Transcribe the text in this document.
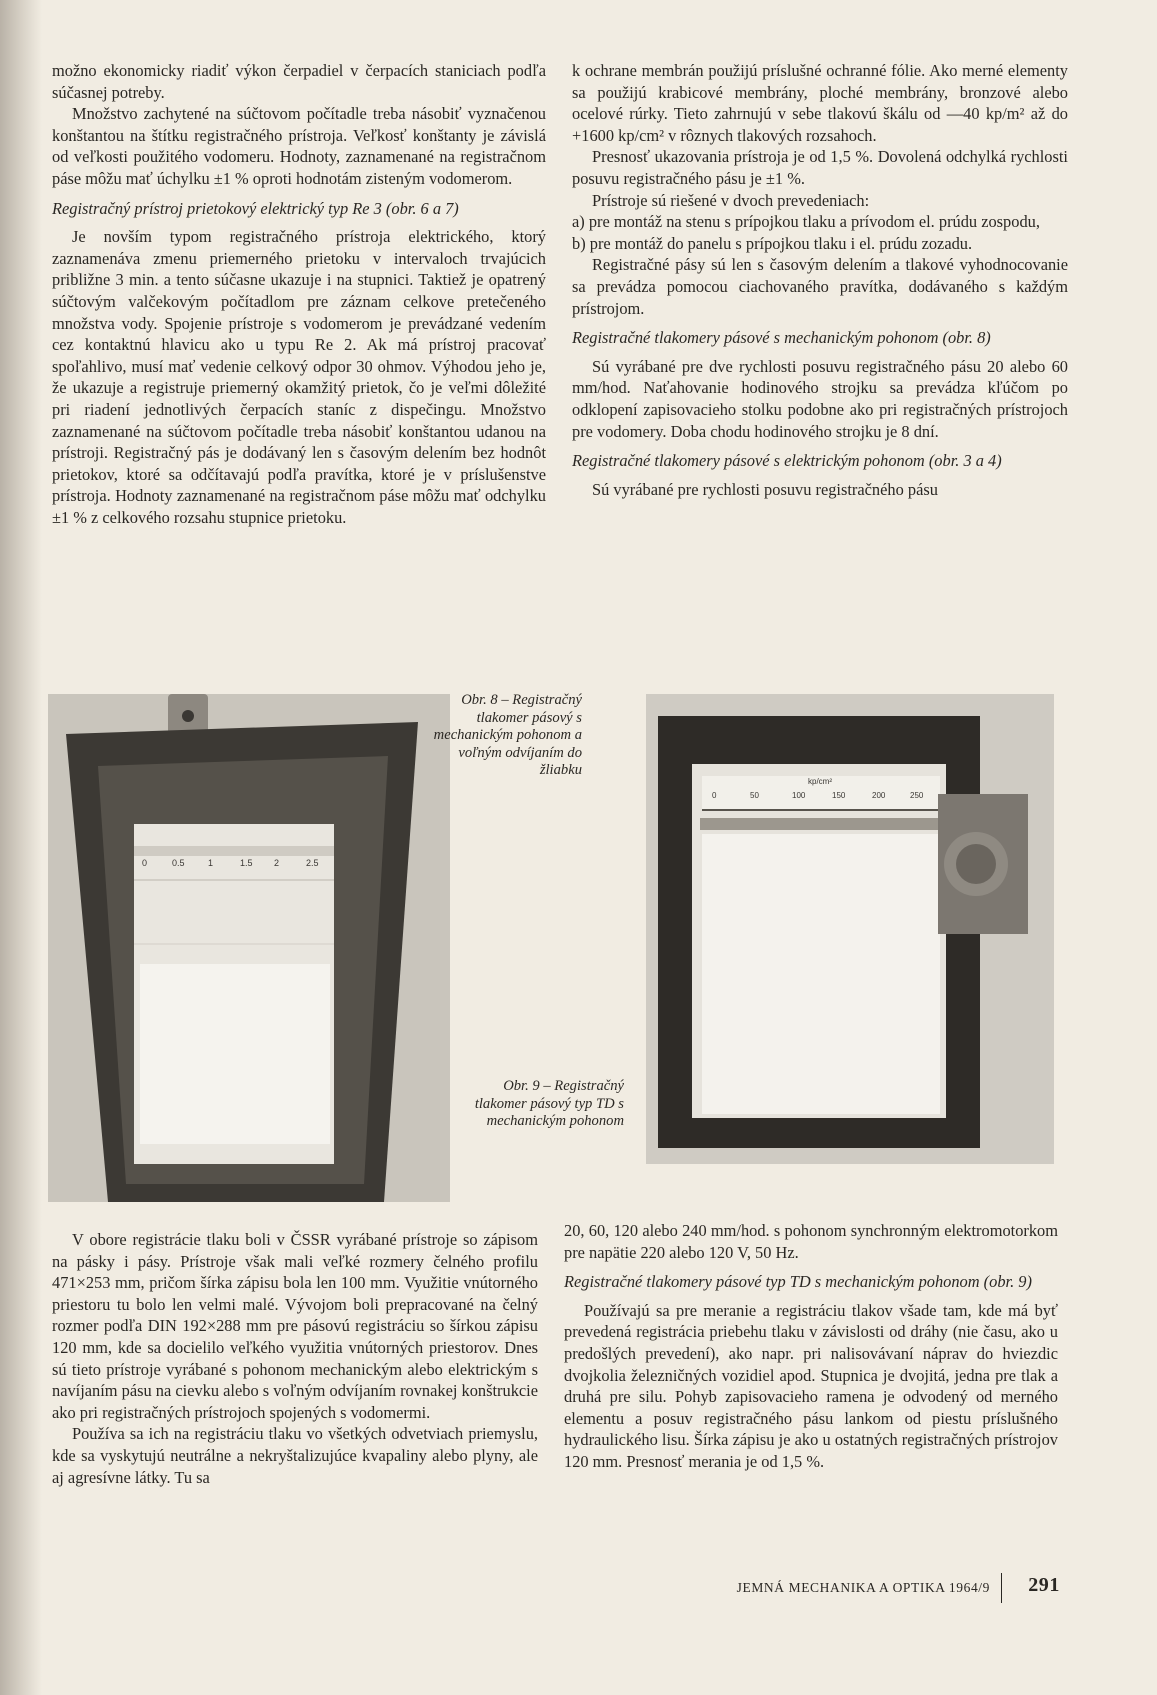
možno ekonomicky riadiť výkon čerpadiel v čerpacích staniciach podľa súčasnej potreby.

Množstvo zachytené na súčtovom počítadle treba násobiť vyznačenou konštantou na štítku registračného prístroja. Veľkosť konštanty je závislá od veľkosti použitého vodomeru. Hodnoty, zaznamenané na registračnom páse môžu mať úchylku ±1 % oproti hodnotám zisteným vodomerom.

Registračný prístroj prietokový elektrický typ Re 3 (obr. 6 a 7)

Je novším typom registračného prístroja elektrického, ktorý zaznamenáva zmenu priemerného prietoku v intervaloch trvajúcich približne 3 min. a tento súčasne ukazuje i na stupnici. Taktiež je opatrený súčtovým valčekovým počítadlom pre záznam celkove pretečeného množstva vody. Spojenie prístroje s vodomerom je prevádzané vedením cez kontaktnú hlavicu ako u typu Re 2. Ak má prístroj pracovať spoľahlivo, musí mať vedenie celkový odpor 30 ohmov. Výhodou jeho je, že ukazuje a registruje priemerný okamžitý prietok, čo je veľmi dôležité pri riadení jednotlivých čerpacích staníc z dispečingu. Množstvo zaznamenané na súčtovom počítadle treba násobiť konštantou udanou na prístroji. Registračný pás je dodávaný len s časovým delením bez hodnôt prietokov, ktoré sa odčítavajú podľa pravítka, ktoré je v príslušenstve prístroja. Hodnoty zaznamenané na registračnom páse môžu mať odchylku ±1 % z celkového rozsahu stupnice prietoku.

k ochrane membrán použijú príslušné ochranné fólie. Ako merné elementy sa použijú krabicové membrány, ploché membrány, bronzové alebo ocelové rúrky. Tieto zahrnujú v sebe tlakovú škálu od —40 kp/m² až do +1600 kp/cm² v rôznych tlakových rozsahoch.

Presnosť ukazovania prístroja je od 1,5 %. Dovolená odchylká rychlosti posuvu registračného pásu je ±1 %.

Prístroje sú riešené v dvoch prevedeniach:

a) pre montáž na stenu s prípojkou tlaku a prívodom el. prúdu zospodu,

b) pre montáž do panelu s prípojkou tlaku i el. prúdu zozadu.

Registračné pásy sú len s časovým delením a tlakové vyhodnocovanie sa prevádza pomocou ciachovaného pravítka, dodávaného s každým prístrojom.

Registračné tlakomery pásové s mechanickým pohonom (obr. 8)

Sú vyrábané pre dve rychlosti posuvu registračného pásu 20 alebo 60 mm/hod. Naťahovanie hodinového strojku sa prevádza kľúčom po odklopení zapisovacieho stolku podobne ako pri registračných prístrojoch pre vodomery. Doba chodu hodinového strojku je 8 dní.

Registračné tlakomery pásové s elektrickým pohonom (obr. 3 a 4)

Sú vyrábané pre rychlosti posuvu registračného pásu

0	0.5	1	1.5 2	2.5
Obr. 8 – Registračný tlakomer pásový s mechanickým pohonom a voľným odvíjaním do žliabku
kp/cm²
0	50	100	150	200	250
Obr. 9 – Registračný tlakomer pásový typ TD s mechanickým pohonom

V obore registrácie tlaku boli v ČSSR vyrábané prístroje so zápisom na pásky i pásy. Prístroje však mali veľké rozmery čelného profilu 471×253 mm, pričom šírka zápisu bola len 100 mm. Využitie vnútorného priestoru tu bolo len velmi malé. Vývojom boli prepracované na čelný rozmer podľa DIN 192×288 mm pre pásovú registráciu so šírkou zápisu 120 mm, kde sa docielilo veľkého využitia vnútorných priestorov. Dnes sú tieto prístroje vyrábané s pohonom mechanickým alebo elektrickým s navíjaním pásu na cievku alebo s voľným odvíjaním rovnakej konštrukcie ako pri registračných prístrojoch spojených s vodomermi.

Používa sa ich na registráciu tlaku vo všetkých odvetviach priemyslu, kde sa vyskytujú neutrálne a nekryštalizujúce kvapaliny alebo plyny, ale aj agresívne látky. Tu sa

20, 60, 120 alebo 240 mm/hod. s pohonom synchronným elektromotorkom pre napätie 220 alebo 120 V, 50 Hz.

Registračné tlakomery pásové typ TD s mechanickým pohonom (obr. 9)

Používajú sa pre meranie a registráciu tlakov všade tam, kde má byť prevedená registrácia priebehu tlaku v závislosti od dráhy (nie času, ako u predošlých prevedení), ako napr. pri nalisovávaní náprav do hviezdic dvojkolia železničných vozidiel apod. Stupnica je dvojitá, jedna pre tlak a druhá pre silu. Pohyb zapisovacieho ramena je odvodený od merného elementu a posuv registračného pásu lankom od piestu príslušného hydraulického lisu. Šírka zápisu je ako u ostatných registračných prístrojov 120 mm. Presnosť merania je od 1,5 %.

JEMNÁ MECHANIKA A OPTIKA 1964/9 291
